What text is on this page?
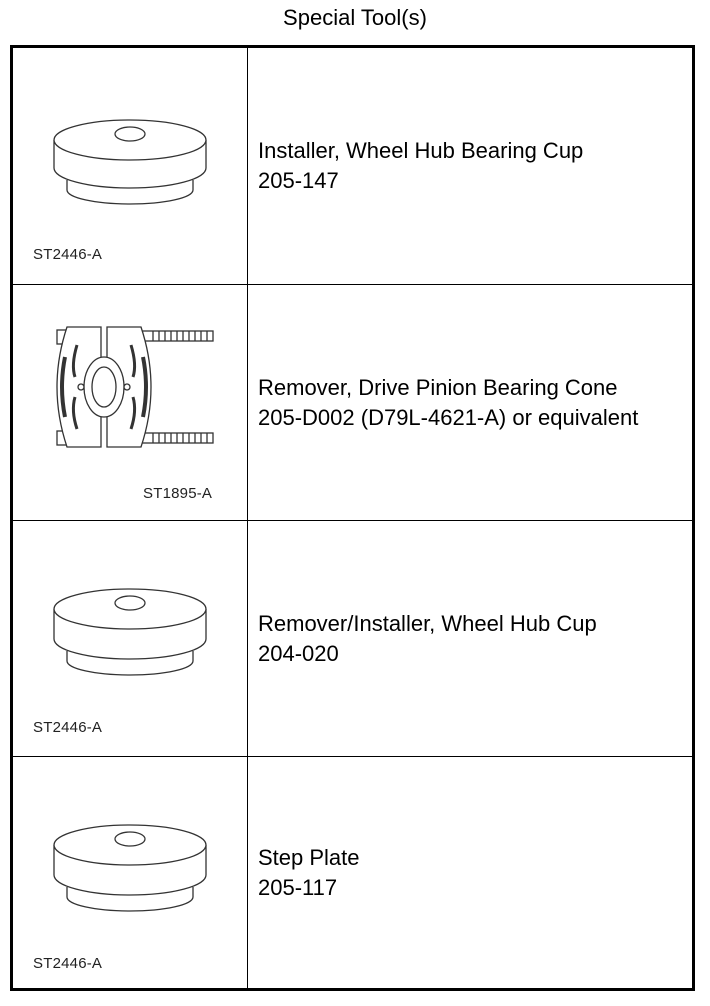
Special Tool(s)
ST2446-A
Installer, Wheel Hub Bearing Cup
205-147
ST1895-A
Remover, Drive Pinion Bearing Cone
205-D002 (D79L-4621-A) or equivalent
ST2446-A
Remover/Installer, Wheel Hub Cup
204-020
ST2446-A
Step Plate
205-117
